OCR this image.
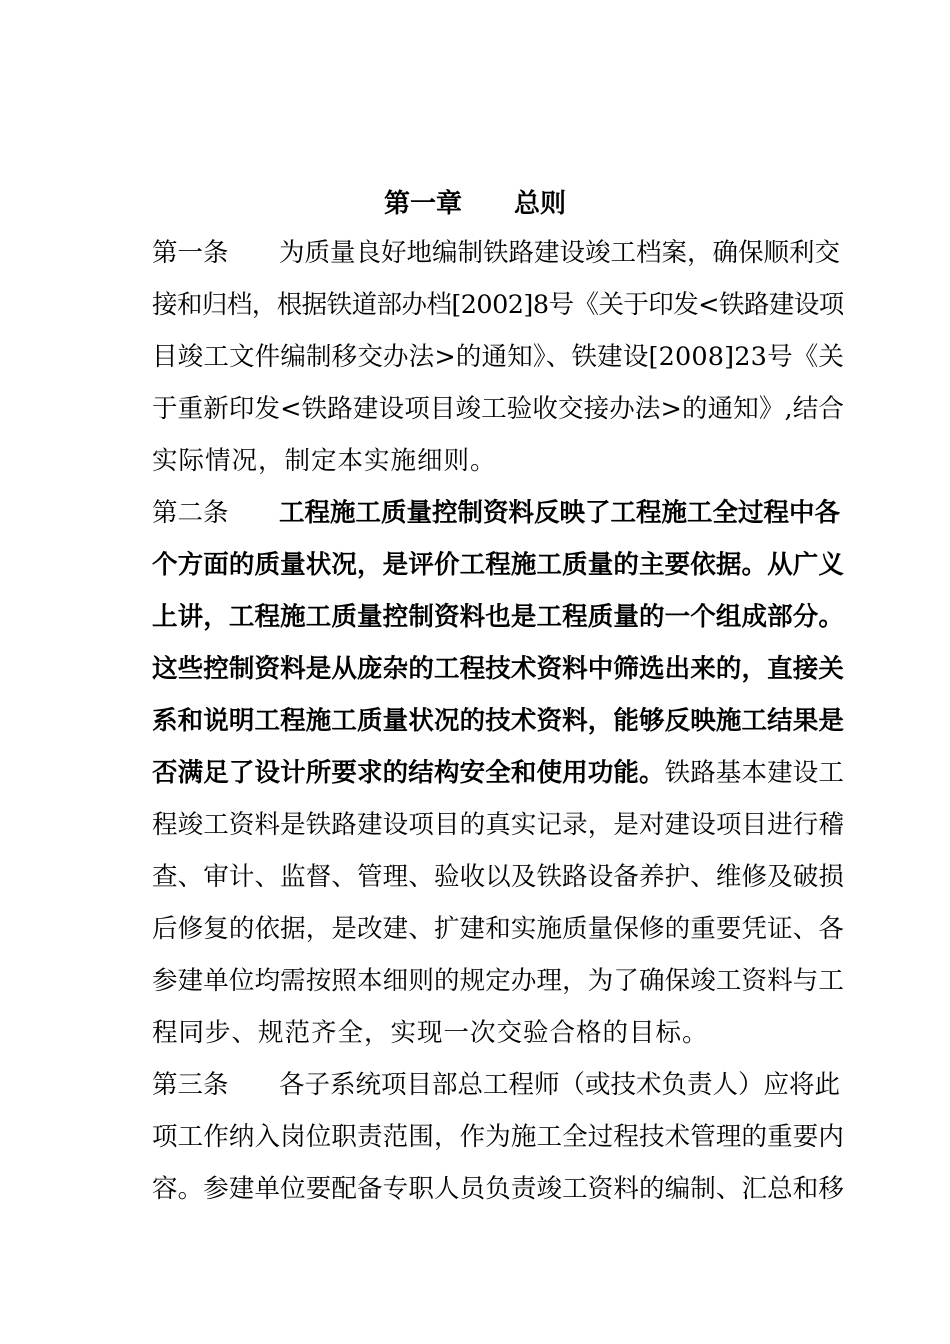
第一章　　总则
第一条	为质量良好地编制铁路建设竣工档案，确保顺利交
接和归档，根据铁道部办档[2002]8号《关于印发<铁路建设项
目竣工文件编制移交办法>的通知》、铁建设[2008]23号《关
于重新印发<铁路建设项目竣工验收交接办法>的通知》,结合
实际情况，制定本实施细则。
第二条	工程施工质量控制资料反映了工程施工全过程中各
个方面的质量状况，是评价工程施工质量的主要依据。从广义
上讲，工程施工质量控制资料也是工程质量的一个组成部分。
这些控制资料是从庞杂的工程技术资料中筛选出来的，直接关
系和说明工程施工质量状况的技术资料，能够反映施工结果是
否满足了设计所要求的结构安全和使用功能。 铁路基本建设工
程竣工资料是铁路建设项目的真实记录，是对建设项目进行稽
查、审计、监督、管理、验收以及铁路设备养护、维修及破损
后修复的依据，是改建、扩建和实施质量保修的重要凭证、各
参建单位均需按照本细则的规定办理，为了确保竣工资料与工
程同步、规范齐全，实现一次交验合格的目标。
第三条	各子系统项目部总工程师（或技术负责人）应将此
项工作纳入岗位职责范围，作为施工全过程技术管理的重要内
容。参建单位要配备专职人员负责竣工资料的编制、汇总和移
